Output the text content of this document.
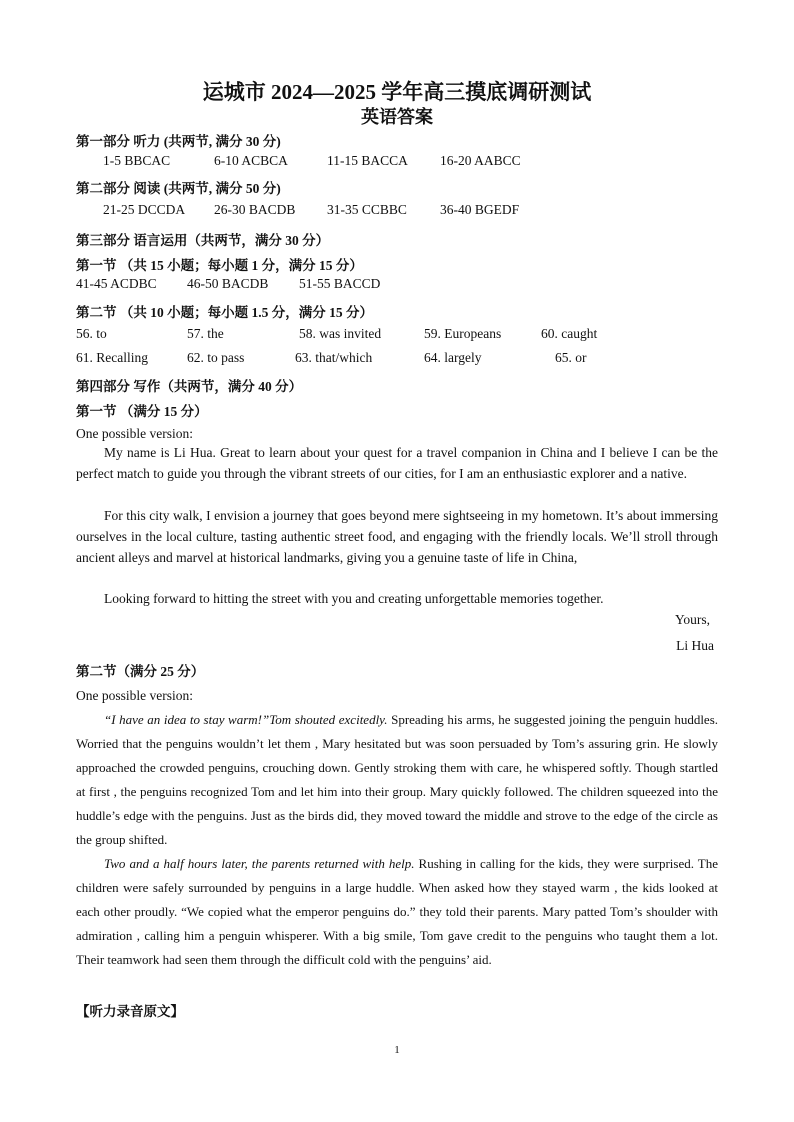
运城市 2024—2025 学年高三摸底调研测试
英语答案
第一部分 听力 (共两节, 满分 30 分)
1-5 BBCAC	6-10 ACBCA	11-15 BACCA 16-20 AABCC
第二部分 阅读 (共两节, 满分 50 分)
21-25 DCCDA 26-30 BACDB 31-35 CCBBC 36-40 BGEDF
第三部分 语言运用（共两节，满分 30 分）
第一节 （共 15 小题；每小题 1 分，满分 15 分）
41-45 ACDBC 46-50 BACDB 51-55 BACCD
第二节 （共 10 小题；每小题 1.5 分，满分 15 分）
56. to	57. the	58. was invited	59. Europeans	60. caught
61. Recalling	62. to pass	63. that/which	64. largely	65. or
第四部分 写作（共两节，满分 40 分）
第一节 （满分 15 分）
One possible version:
My name is Li Hua. Great to learn about your quest for a travel companion in China and I believe I can be the perfect match to guide you through the vibrant streets of our cities, for I am an enthusiastic explorer and a native.
For this city walk, I envision a journey that goes beyond mere sightseeing in my hometown. It’s about immersing ourselves in the local culture, tasting authentic street food, and engaging with the friendly locals. We’ll stroll through ancient alleys and marvel at historical landmarks, giving you a genuine taste of life in China,
Looking forward to hitting the street with you and creating unforgettable memories together.
Yours,
Li Hua
第二节（满分 25 分）
One possible version:
“I have an idea to stay warm!”Tom shouted excitedly. Spreading his arms, he suggested joining the penguin huddles. Worried that the penguins wouldn’t let them , Mary hesitated but was soon persuaded by Tom’s assuring grin. He slowly approached the crowded penguins, crouching down. Gently stroking them with care, he whispered softly. Though startled at first , the penguins recognized Tom and let him into their group. Mary quickly followed. The children squeezed into the huddle’s edge with the penguins. Just as the birds did, they moved toward the middle and strove to the edge of the circle as the group shifted.
Two and a half hours later, the parents returned with help. Rushing in calling for the kids, they were surprised. The children were safely surrounded by penguins in a large huddle. When asked how they stayed warm , the kids looked at each other proudly. “We copied what the emperor penguins do.” they told their parents. Mary patted Tom’s shoulder with admiration , calling him a penguin whisperer. With a big smile, Tom gave credit to the penguins who taught them a lot. Their teamwork had seen them through the difficult cold with the penguins’ aid.
【听力录音原文】
1
